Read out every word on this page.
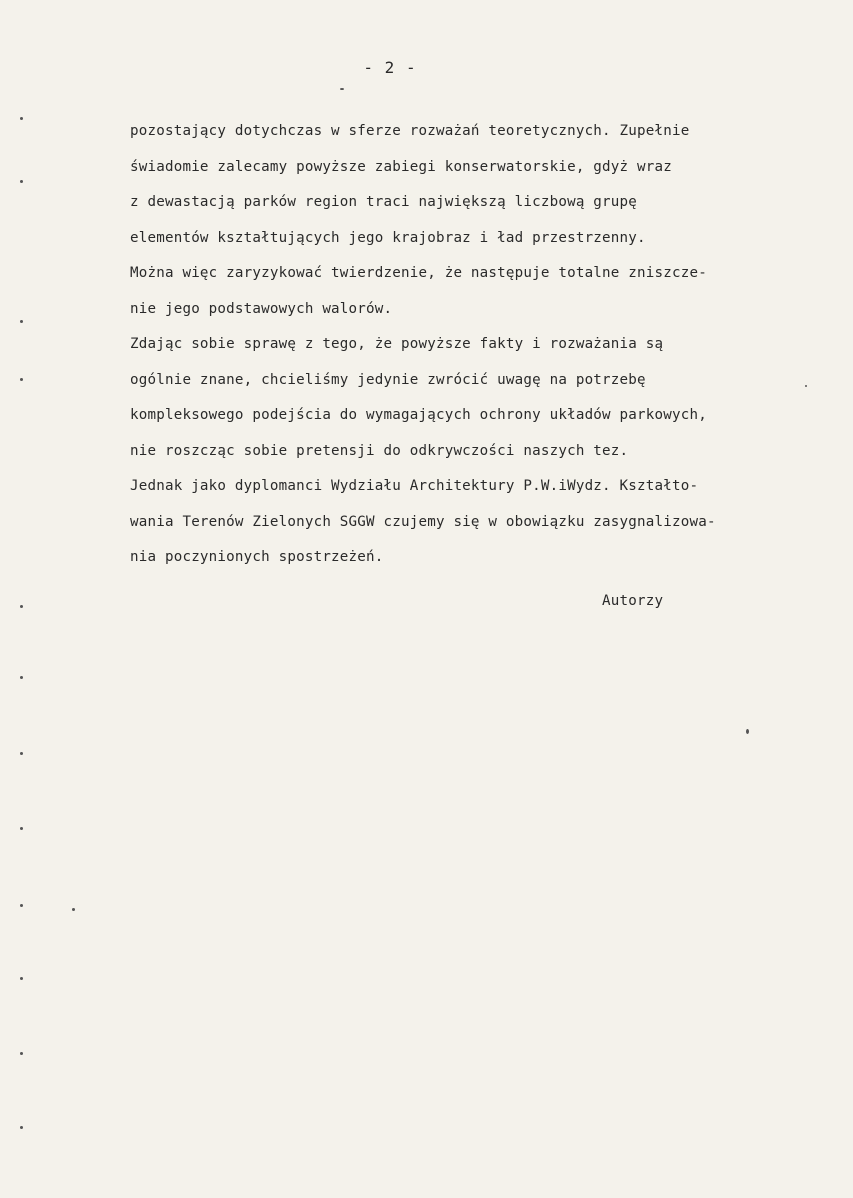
- 2 -
pozostający dotychczas w sferze rozważań teoretycznych. Zupełnie
świadomie zalecamy powyższe zabiegi konserwatorskie, gdyż wraz
z dewastacją parków region traci największą liczbową grupę
elementów kształtujących jego krajobraz i ład przestrzenny.
Można więc zaryzykować twierdzenie, że następuje totalne zniszcze-
nie jego podstawowych walorów.
Zdając sobie sprawę z tego, że powyższe fakty i rozważania są
ogólnie znane, chcieliśmy jedynie zwrócić uwagę na potrzebę
kompleksowego podejścia do wymagających ochrony układów parkowych,
nie roszcząc sobie pretensji do odkrywczości naszych tez.
Jednak jako dyplomanci Wydziału Architektury P.W.iWydz. Kształto-
wania Terenów Zielonych SGGW czujemy się w obowiązku zasygnalizowa-
nia poczynionych spostrzeżeń.
Autorzy
